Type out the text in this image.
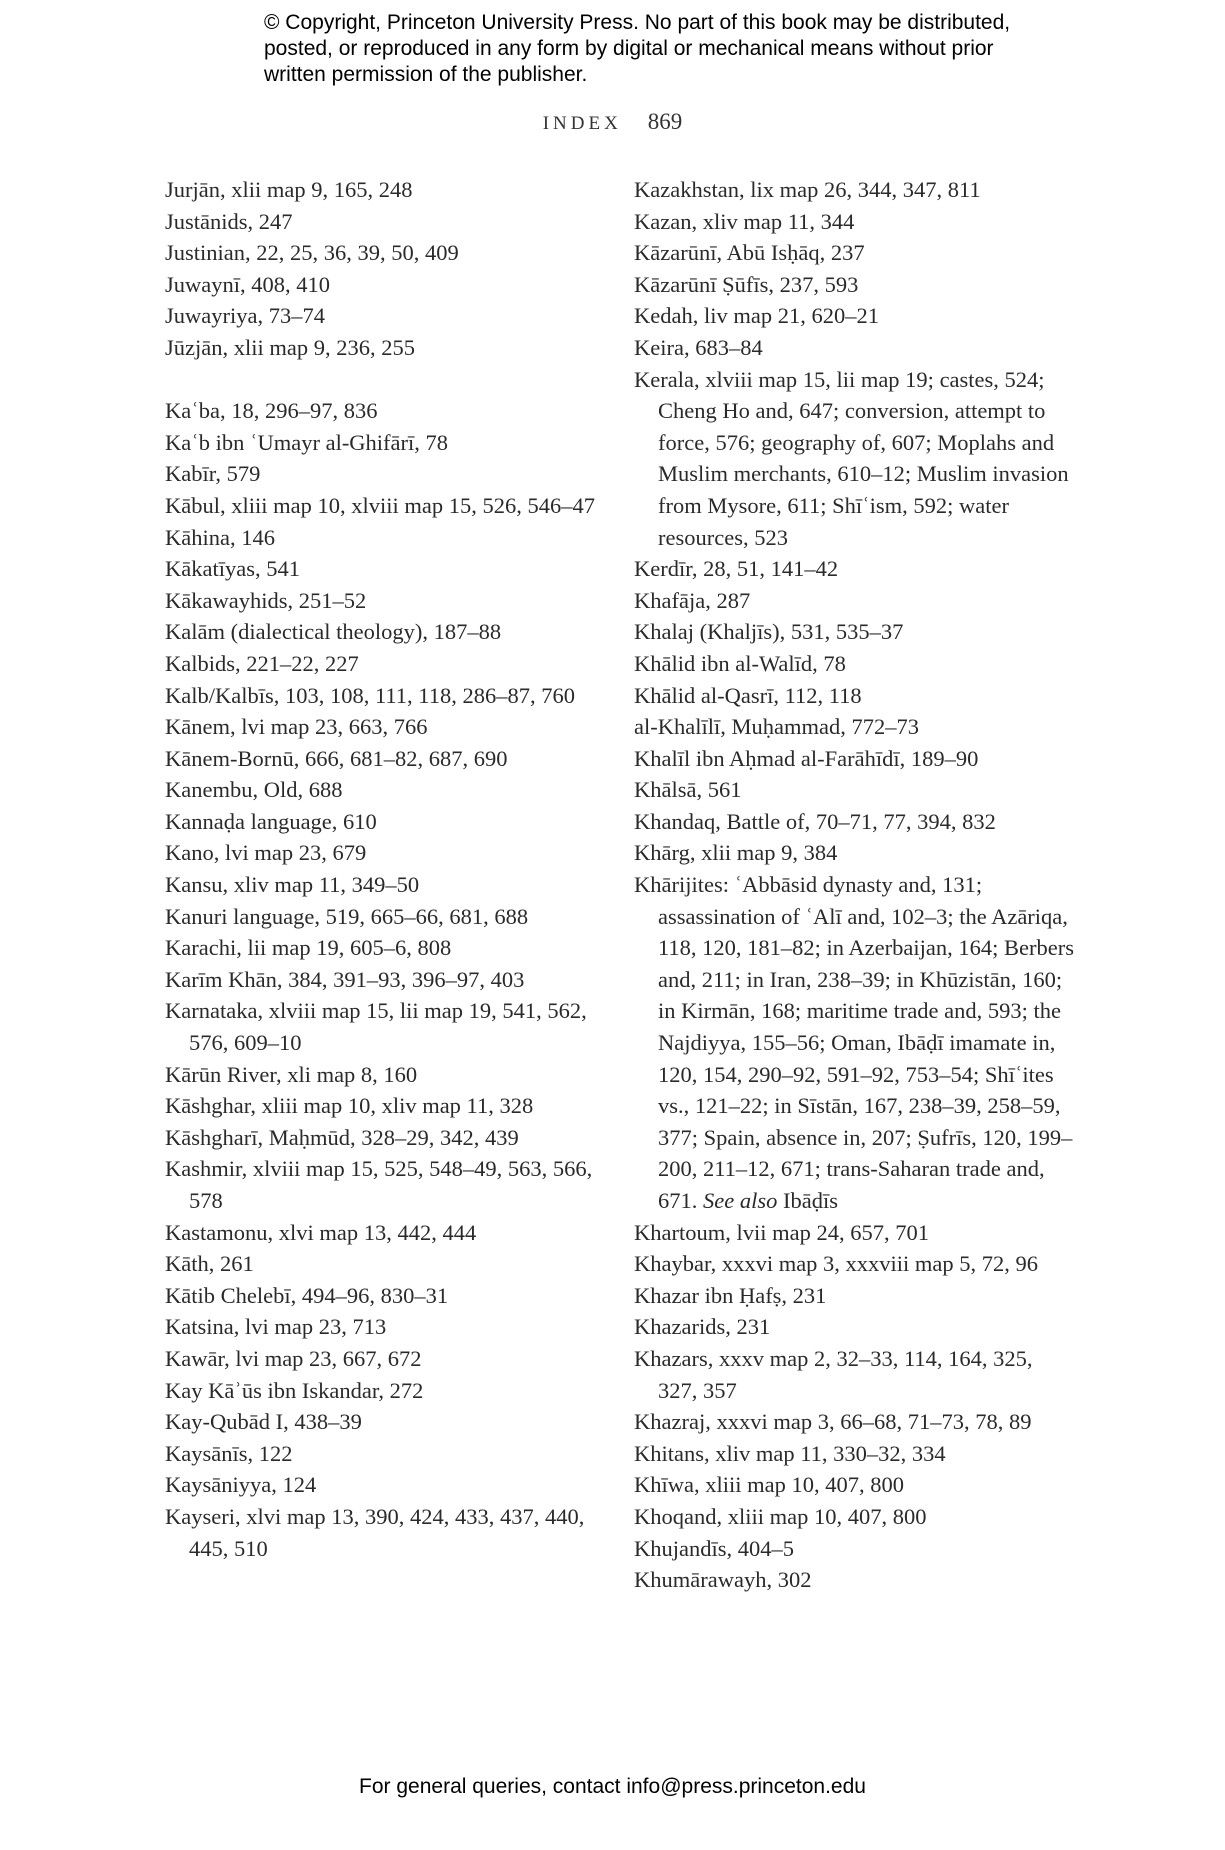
© Copyright, Princeton University Press. No part of this book may be distributed, posted, or reproduced in any form by digital or mechanical means without prior written permission of the publisher.
INDEX 869

Jurjān, xlii map 9, 165, 248

Justānids, 247

Justinian, 22, 25, 36, 39, 50, 409

Juwaynī, 408, 410

Juwayriya, 73–74

Jūzjān, xlii map 9, 236, 255

Kaʿba, 18, 296–97, 836

Kaʿb ibn ʿUmayr al-Ghifārī, 78

Kabīr, 579

Kābul, xliii map 10, xlviii map 15, 526, 546–47

Kāhina, 146

Kākatīyas, 541

Kākawayhids, 251–52

Kalām (dialectical theology), 187–88

Kalbids, 221–22, 227

Kalb/Kalbīs, 103, 108, 111, 118, 286–87, 760

Kānem, lvi map 23, 663, 766

Kānem-Bornū, 666, 681–82, 687, 690

Kanembu, Old, 688

Kannaḍa language, 610

Kano, lvi map 23, 679

Kansu, xliv map 11, 349–50

Kanuri language, 519, 665–66, 681, 688

Karachi, lii map 19, 605–6, 808

Karīm Khān, 384, 391–93, 396–97, 403

Karnataka, xlviii map 15, lii map 19, 541, 562, 576, 609–10

Kārūn River, xli map 8, 160

Kāshghar, xliii map 10, xliv map 11, 328

Kāshgharī, Maḥmūd, 328–29, 342, 439

Kashmir, xlviii map 15, 525, 548–49, 563, 566, 578

Kastamonu, xlvi map 13, 442, 444

Kāth, 261

Kātib Chelebī, 494–96, 830–31

Katsina, lvi map 23, 713

Kawār, lvi map 23, 667, 672

Kay Kāʾūs ibn Iskandar, 272

Kay-Qubād I, 438–39

Kaysānīs, 122

Kaysāniyya, 124

Kayseri, xlvi map 13, 390, 424, 433, 437, 440, 445, 510

Kazakhstan, lix map 26, 344, 347, 811

Kazan, xliv map 11, 344

Kāzarūnī, Abū Isḥāq, 237

Kāzarūnī Ṣūfīs, 237, 593

Kedah, liv map 21, 620–21

Keira, 683–84

Kerala, xlviii map 15, lii map 19; castes, 524; Cheng Ho and, 647; conversion, attempt to force, 576; geography of, 607; Moplahs and Muslim merchants, 610–12; Muslim invasion from Mysore, 611; Shīʿism, 592; water resources, 523

Kerdīr, 28, 51, 141–42

Khafāja, 287

Khalaj (Khaljīs), 531, 535–37

Khālid ibn al-Walīd, 78

Khālid al-Qasrī, 112, 118

al-Khalīlī, Muḥammad, 772–73

Khalīl ibn Aḥmad al-Farāhīdī, 189–90

Khālsā, 561

Khandaq, Battle of, 70–71, 77, 394, 832

Khārg, xlii map 9, 384

Khārijites: ʿAbbāsid dynasty and, 131; assassination of ʿAlī and, 102–3; the Azāriqa, 118, 120, 181–82; in Azerbaijan, 164; Berbers and, 211; in Iran, 238–39; in Khūzistān, 160; in Kirmān, 168; maritime trade and, 593; the Najdiyya, 155–56; Oman, Ibāḍī imamate in, 120, 154, 290–92, 591–92, 753–54; Shīʿites vs., 121–22; in Sīstān, 167, 238–39, 258–59, 377; Spain, absence in, 207; Ṣufrīs, 120, 199–200, 211–12, 671; trans-Saharan trade and, 671. See also Ibāḍīs

Khartoum, lvii map 24, 657, 701

Khaybar, xxxvi map 3, xxxviii map 5, 72, 96

Khazar ibn Ḥafṣ, 231

Khazarids, 231

Khazars, xxxv map 2, 32–33, 114, 164, 325, 327, 357

Khazraj, xxxvi map 3, 66–68, 71–73, 78, 89

Khitans, xliv map 11, 330–32, 334

Khīwa, xliii map 10, 407, 800

Khoqand, xliii map 10, 407, 800

Khujandīs, 404–5

Khumārawayh, 302

For general queries, contact info@press.princeton.edu
